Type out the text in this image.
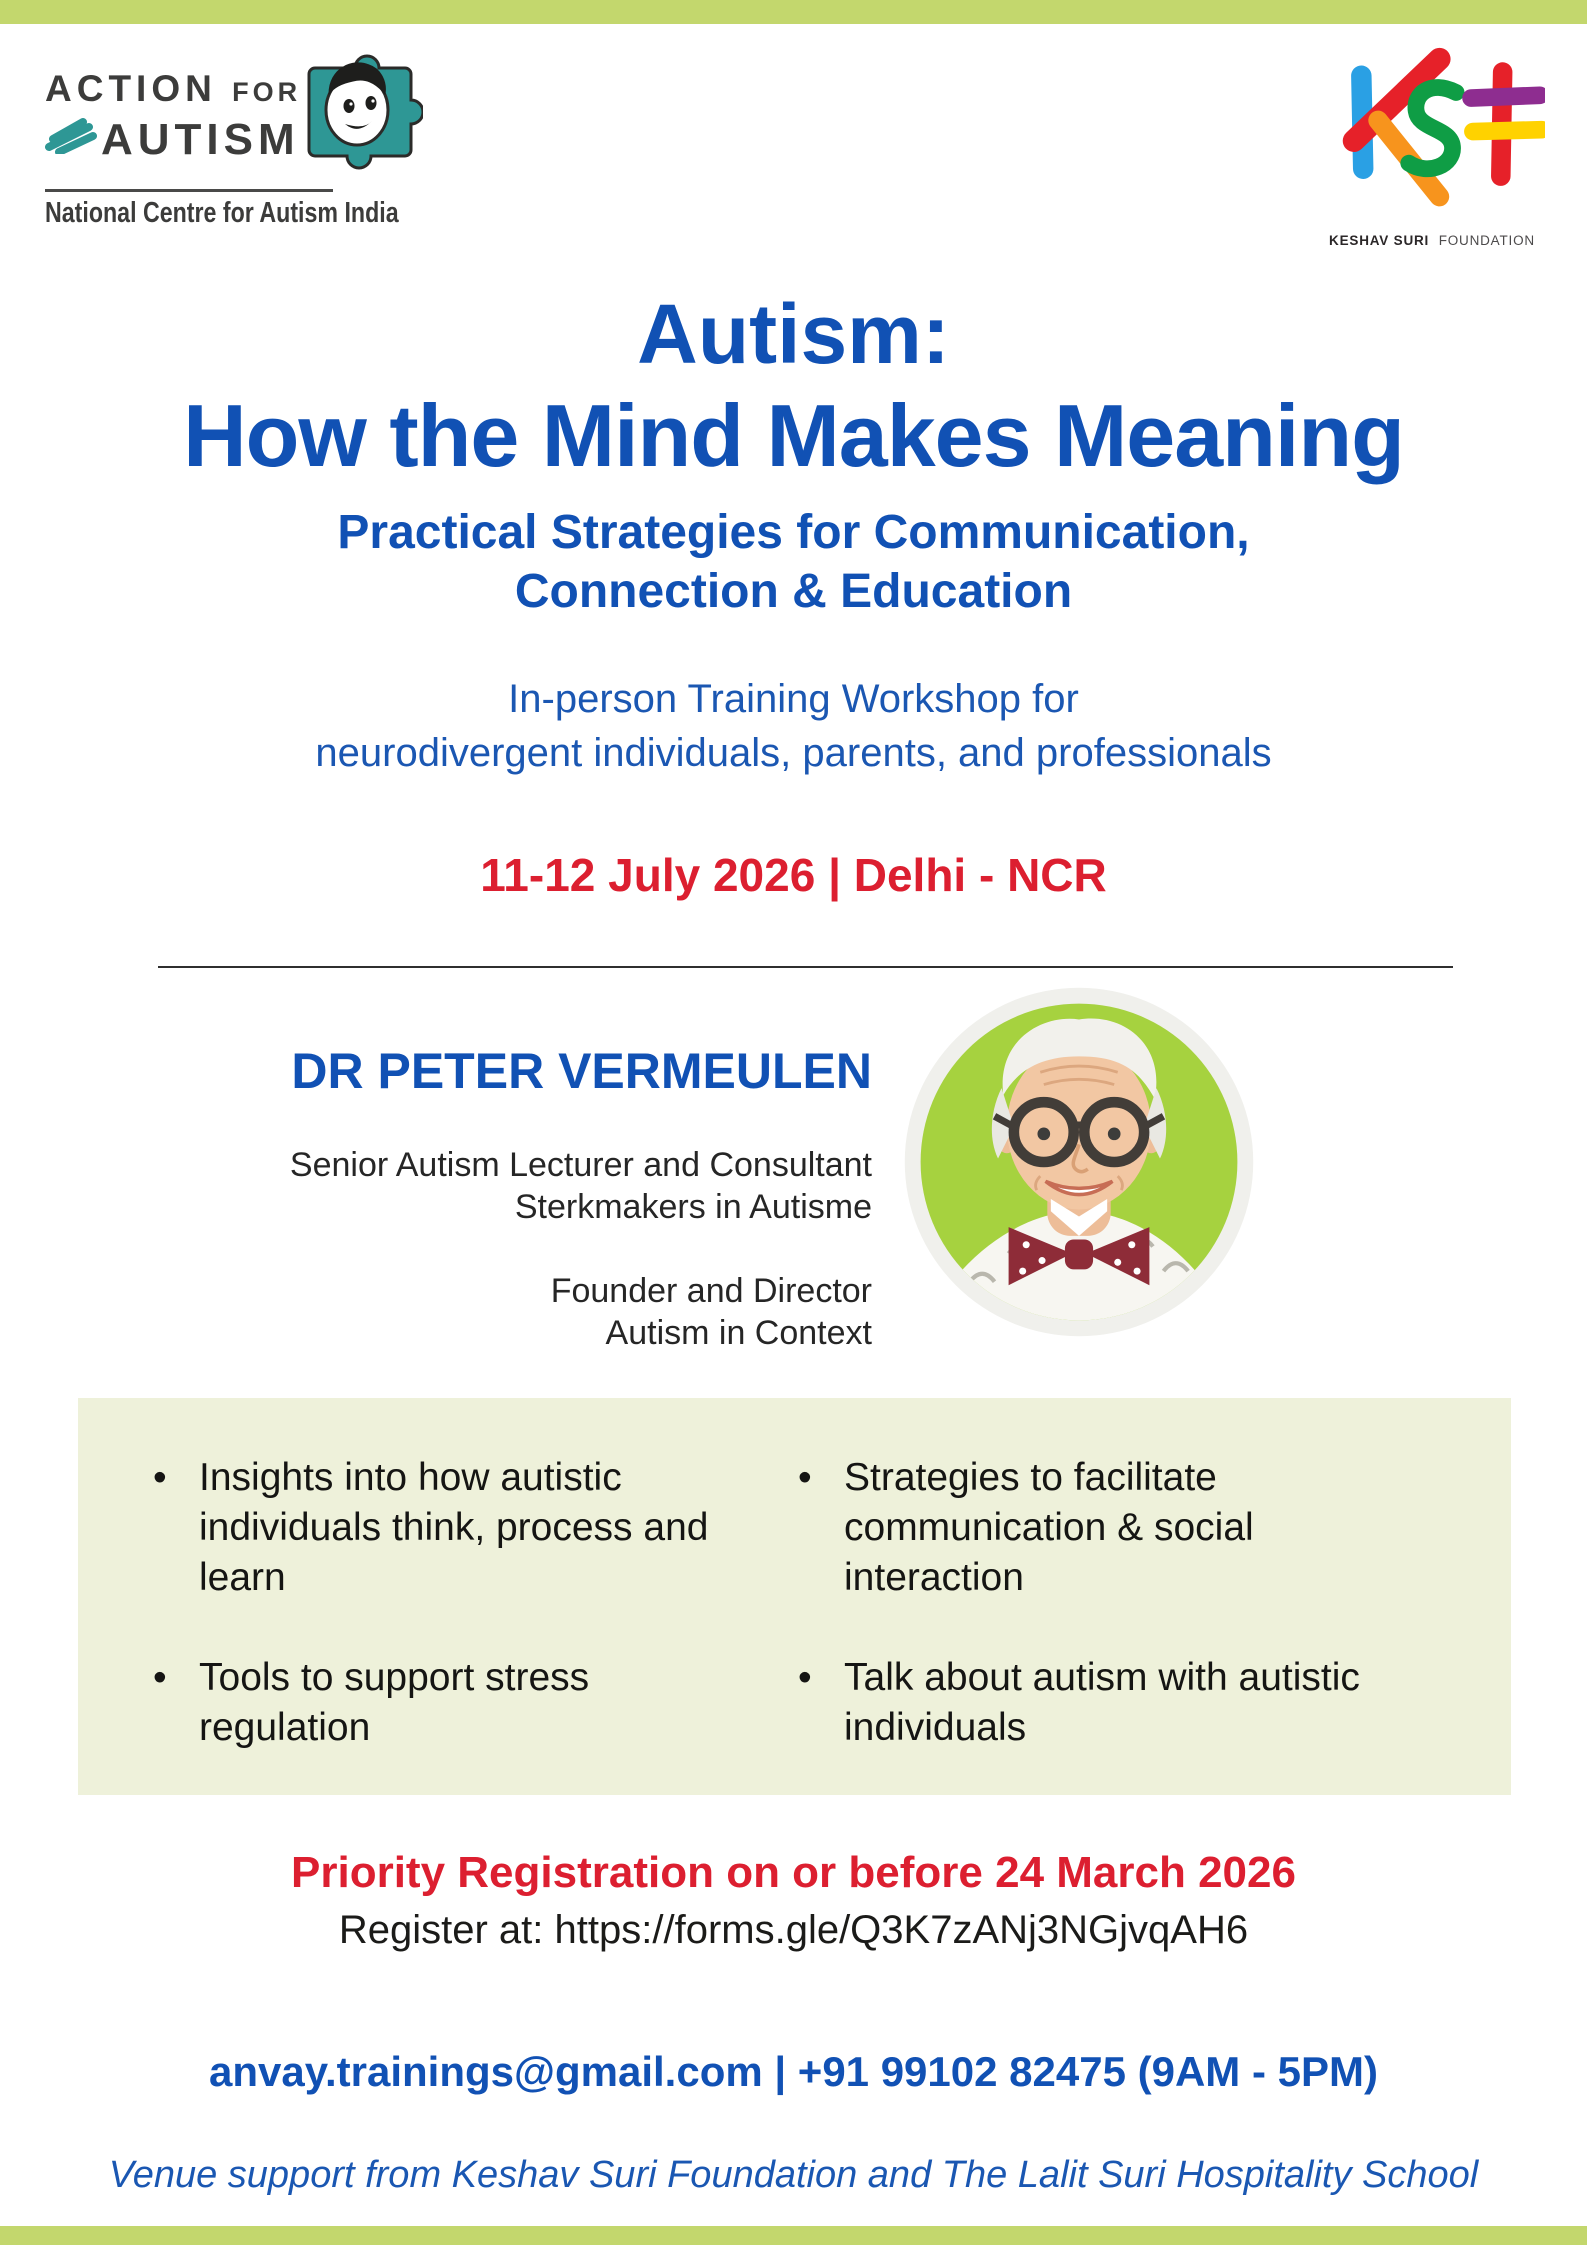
ACTION FOR
AUTISM
National Centre for Autism India
KESHAV SURI FOUNDATION
Autism:
How the Mind Makes Meaning
Practical Strategies for Communication,
Connection & Education
In-person Training Workshop for
neurodivergent individuals, parents, and professionals
11-12 July 2026 | Delhi - NCR
DR PETER VERMEULEN

Senior Autism Lecturer and Consultant
Sterkmakers in Autisme

Founder and Director
Autism in Context

• Insights into how autistic individuals think, process and learn
• Tools to support stress regulation
• Strategies to facilitate communication & social interaction
• Talk about autism with autistic individuals
Priority Registration on or before 24 March 2026
Register at: https://forms.gle/Q3K7zANj3NGjvqAH6
anvay.trainings@gmail.com | +91 99102 82475 (9AM - 5PM)
Venue support from Keshav Suri Foundation and The Lalit Suri Hospitality School
